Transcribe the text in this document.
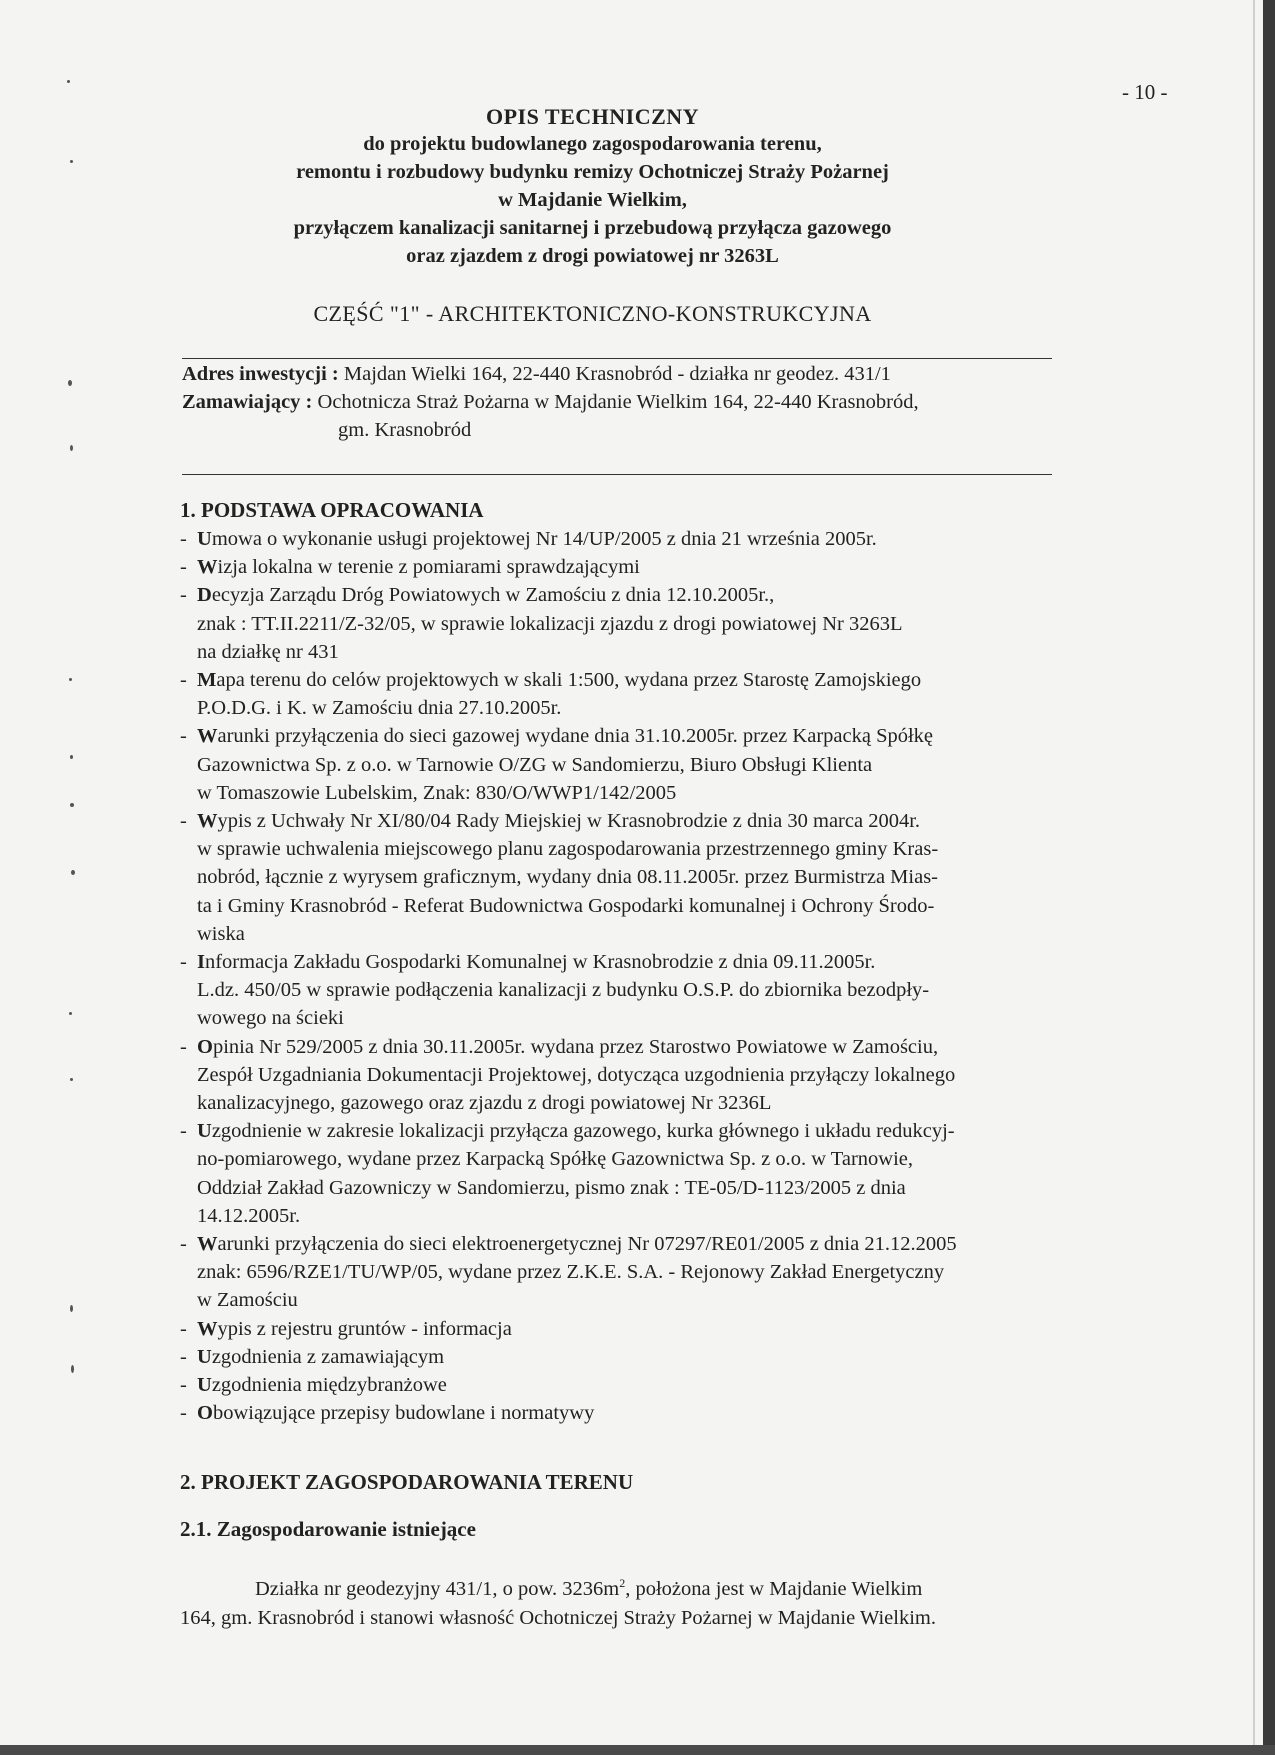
- 10 -
OPIS TECHNICZNY
do projektu budowlanego zagospodarowania terenu,
remontu i rozbudowy budynku remizy Ochotniczej Straży Pożarnej
w Majdanie Wielkim,
przyłączem kanalizacji sanitarnej i przebudową przyłącza gazowego
oraz zjazdem z drogi powiatowej nr 3263L
CZĘŚĆ "1" - ARCHITEKTONICZNO-KONSTRUKCYJNA
Adres inwestycji : Majdan Wielki 164, 22-440 Krasnobród - działka nr geodez. 431/1
Zamawiający : Ochotnicza Straż Pożarna w Majdanie Wielkim 164, 22-440 Krasnobród,
gm. Krasnobród
1. PODSTAWA OPRACOWANIA
- Umowa o wykonanie usługi projektowej Nr 14/UP/2005 z dnia 21 września 2005r.
- Wizja lokalna w terenie z pomiarami sprawdzającymi
- Decyzja Zarządu Dróg Powiatowych w Zamościu z dnia 12.10.2005r.,
znak : TT.II.2211/Z-32/05, w sprawie lokalizacji zjazdu z drogi powiatowej Nr 3263L
na działkę nr 431
- Mapa terenu do celów projektowych w skali 1:500, wydana przez Starostę Zamojskiego
P.O.D.G. i K. w Zamościu dnia 27.10.2005r.
- Warunki przyłączenia do sieci gazowej wydane dnia 31.10.2005r. przez Karpacką Spółkę
Gazownictwa Sp. z o.o. w Tarnowie O/ZG w Sandomierzu, Biuro Obsługi Klienta
w Tomaszowie Lubelskim, Znak: 830/O/WWP1/142/2005
- Wypis z Uchwały Nr XI/80/04 Rady Miejskiej w Krasnobrodzie z dnia 30 marca 2004r.
w sprawie uchwalenia miejscowego planu zagospodarowania przestrzennego gminy Kras-
nobród, łącznie z wyrysem graficznym, wydany dnia 08.11.2005r. przez Burmistrza Mias-
ta i Gminy Krasnobród - Referat Budownictwa Gospodarki komunalnej i Ochrony Środo-
wiska
- Informacja Zakładu Gospodarki Komunalnej w Krasnobrodzie z dnia 09.11.2005r.
L.dz. 450/05 w sprawie podłączenia kanalizacji z budynku O.S.P. do zbiornika bezodpły-
wowego na ścieki
- Opinia Nr 529/2005 z dnia 30.11.2005r. wydana przez Starostwo Powiatowe w Zamościu,
Zespół Uzgadniania Dokumentacji Projektowej, dotycząca uzgodnienia przyłączy lokalnego
kanalizacyjnego, gazowego oraz zjazdu z drogi powiatowej Nr 3236L
- Uzgodnienie w zakresie lokalizacji przyłącza gazowego, kurka głównego i układu redukcyj-
no-pomiarowego, wydane przez Karpacką Spółkę Gazownictwa Sp. z o.o. w Tarnowie,
Oddział Zakład Gazowniczy w Sandomierzu, pismo znak : TE-05/D-1123/2005 z dnia
14.12.2005r.
- Warunki przyłączenia do sieci elektroenergetycznej Nr 07297/RE01/2005 z dnia 21.12.2005
znak: 6596/RZE1/TU/WP/05, wydane przez Z.K.E. S.A. - Rejonowy Zakład Energetyczny
w Zamościu
- Wypis z rejestru gruntów - informacja
- Uzgodnienia z zamawiającym
- Uzgodnienia międzybranżowe
- Obowiązujące przepisy budowlane i normatywy
2. PROJEKT ZAGOSPODAROWANIA TERENU
2.1. Zagospodarowanie istniejące
Działka nr geodezyjny 431/1, o pow. $3236m^2$, położona jest w Majdanie Wielkim
164, gm. Krasnobród i stanowi własność Ochotniczej Straży Pożarnej w Majdanie Wielkim.
